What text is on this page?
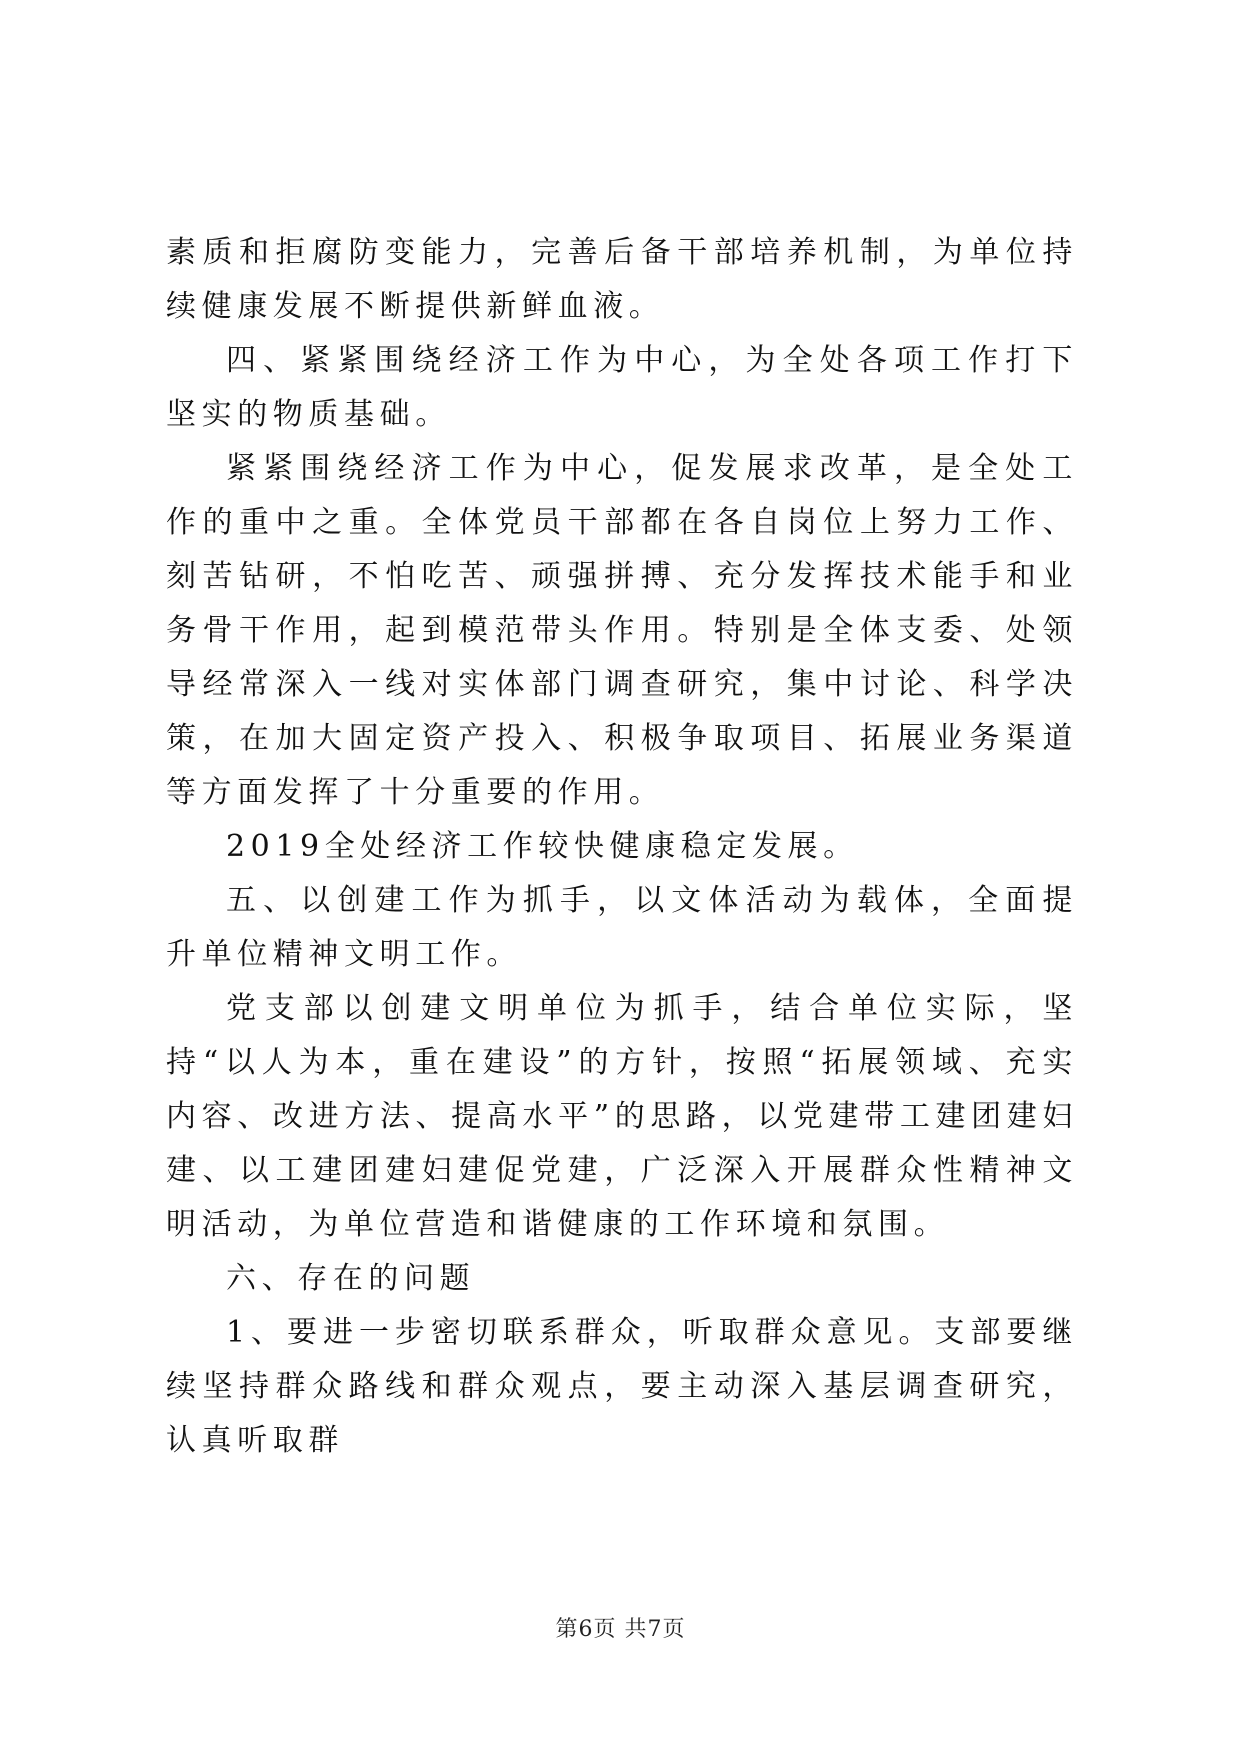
素质和拒腐防变能力，完善后备干部培养机制，为单位持续健康发展不断提供新鲜血液。

四、紧紧围绕经济工作为中心，为全处各项工作打下坚实的物质基础。

紧紧围绕经济工作为中心，促发展求改革，是全处工作的重中之重。全体党员干部都在各自岗位上努力工作、刻苦钻研，不怕吃苦、顽强拼搏、充分发挥技术能手和业务骨干作用，起到模范带头作用。特别是全体支委、处领导经常深入一线对实体部门调查研究，集中讨论、科学决策，在加大固定资产投入、积极争取项目、拓展业务渠道等方面发挥了十分重要的作用。

2019全处经济工作较快健康稳定发展。

五、以创建工作为抓手，以文体活动为载体，全面提升单位精神文明工作。

党支部以创建文明单位为抓手，结合单位实际，坚持“以人为本，重在建设”的方针，按照“拓展领域、充实内容、改进方法、提高水平”的思路，以党建带工建团建妇建、以工建团建妇建促党建，广泛深入开展群众性精神文明活动，为单位营造和谐健康的工作环境和氛围。

六、存在的问题

1、要进一步密切联系群众，听取群众意见。支部要继续坚持群众路线和群众观点，要主动深入基层调查研究，认真听取群

第6页 共7页
